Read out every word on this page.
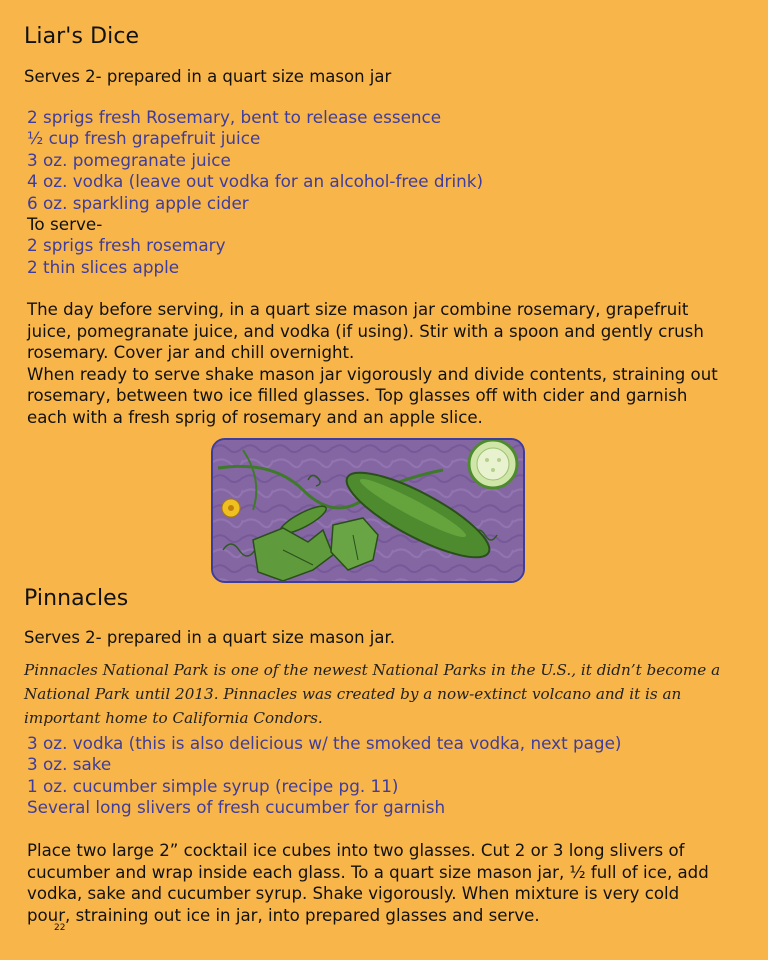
Liar's Dice

Serves 2- prepared in a quart size mason jar

2 sprigs fresh Rosemary, bent to release essence
½ cup fresh grapefruit juice
3 oz. pomegranate juice
4 oz. vodka (leave out vodka for an alcohol-free drink)
6 oz. sparkling apple cider
To serve-
2 sprigs fresh rosemary
2 thin slices apple
The day before serving, in a quart size mason jar combine rosemary, grapefruit juice, pomegranate juice, and vodka (if using). Stir with a spoon and gently crush rosemary. Cover jar and chill overnight.
When ready to serve shake mason jar vigorously and divide contents, straining out rosemary, between two ice filled glasses. Top glasses off with cider and garnish each with a fresh sprig of rosemary and an apple slice.
Pinnacles

Serves 2- prepared in a quart size mason jar.

Pinnacles National Park is one of the newest National Parks in the U.S., it didn’t become a National Park until 2013. Pinnacles was created by a now-extinct volcano and it is an important home to California Condors.

3 oz. vodka (this is also delicious w/ the smoked tea vodka, next page)
3 oz. sake
1 oz. cucumber simple syrup (recipe pg. 11)
Several long slivers of fresh cucumber for garnish

Place two large 2” cocktail ice cubes into two glasses. Cut 2 or 3 long slivers of cucumber and wrap inside each glass. To a quart size mason jar, ½ full of ice, add vodka, sake and cucumber syrup. Shake vigorously. When mixture is very cold pour, straining out ice in jar, into prepared glasses and serve.

22
